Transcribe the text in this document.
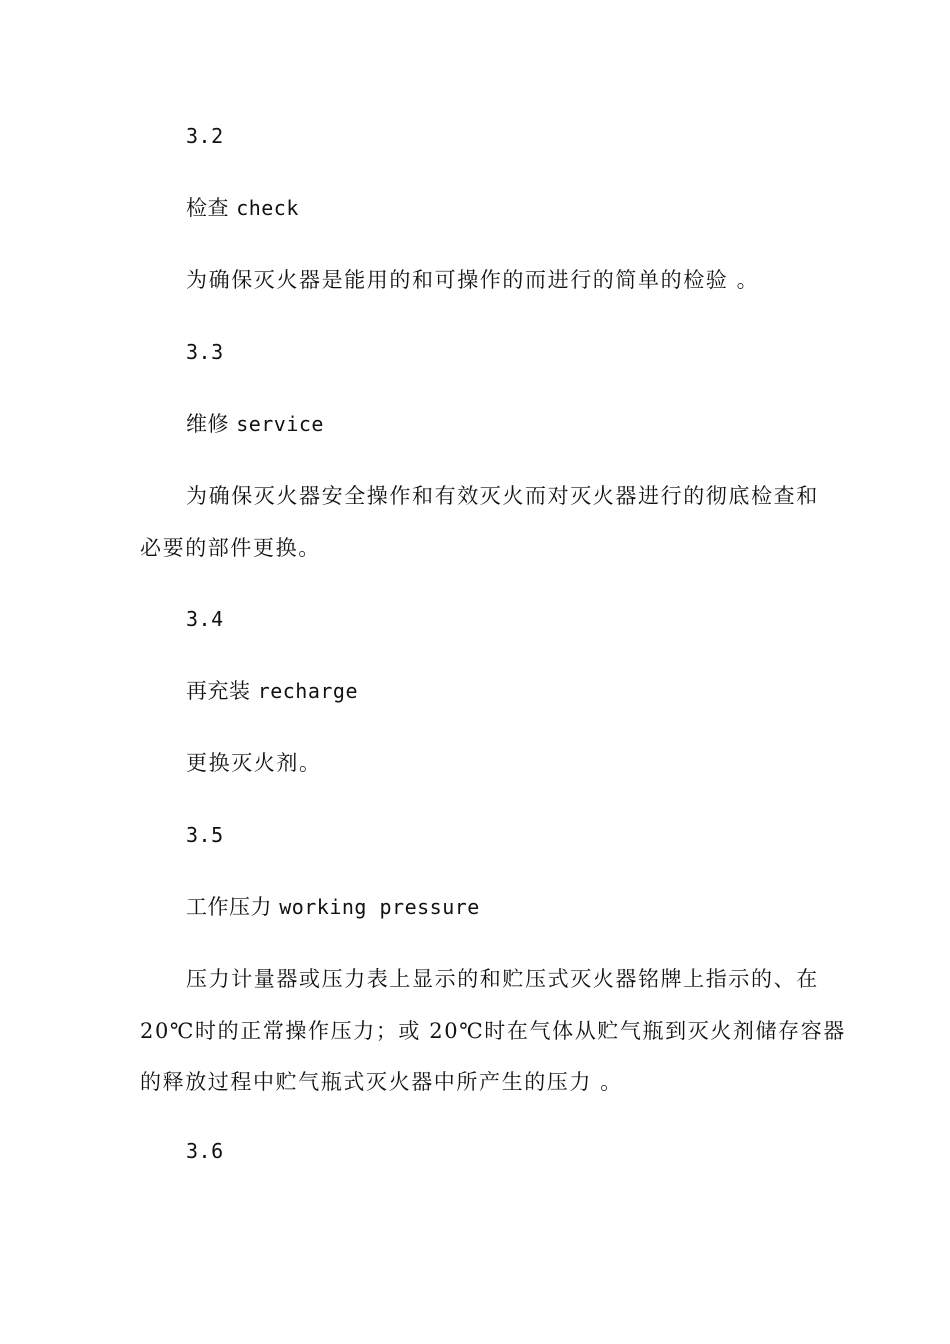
3.2
检查 check
为确保灭火器是能用的和可操作的而进行的简单的检验 。
3.3
维修 service
为确保灭火器安全操作和有效灭火而对灭火器进行的彻底检查和
必要的部件更换。
3.4
再充装 recharge
更换灭火剂。
3.5
工作压力 working pressure
压力计量器或压力表上显示的和贮压式灭火器铭牌上指示的、在
20℃时的正常操作压力；或 20℃时在气体从贮气瓶到灭火剂储存容器
的释放过程中贮气瓶式灭火器中所产生的压力 。
3.6
